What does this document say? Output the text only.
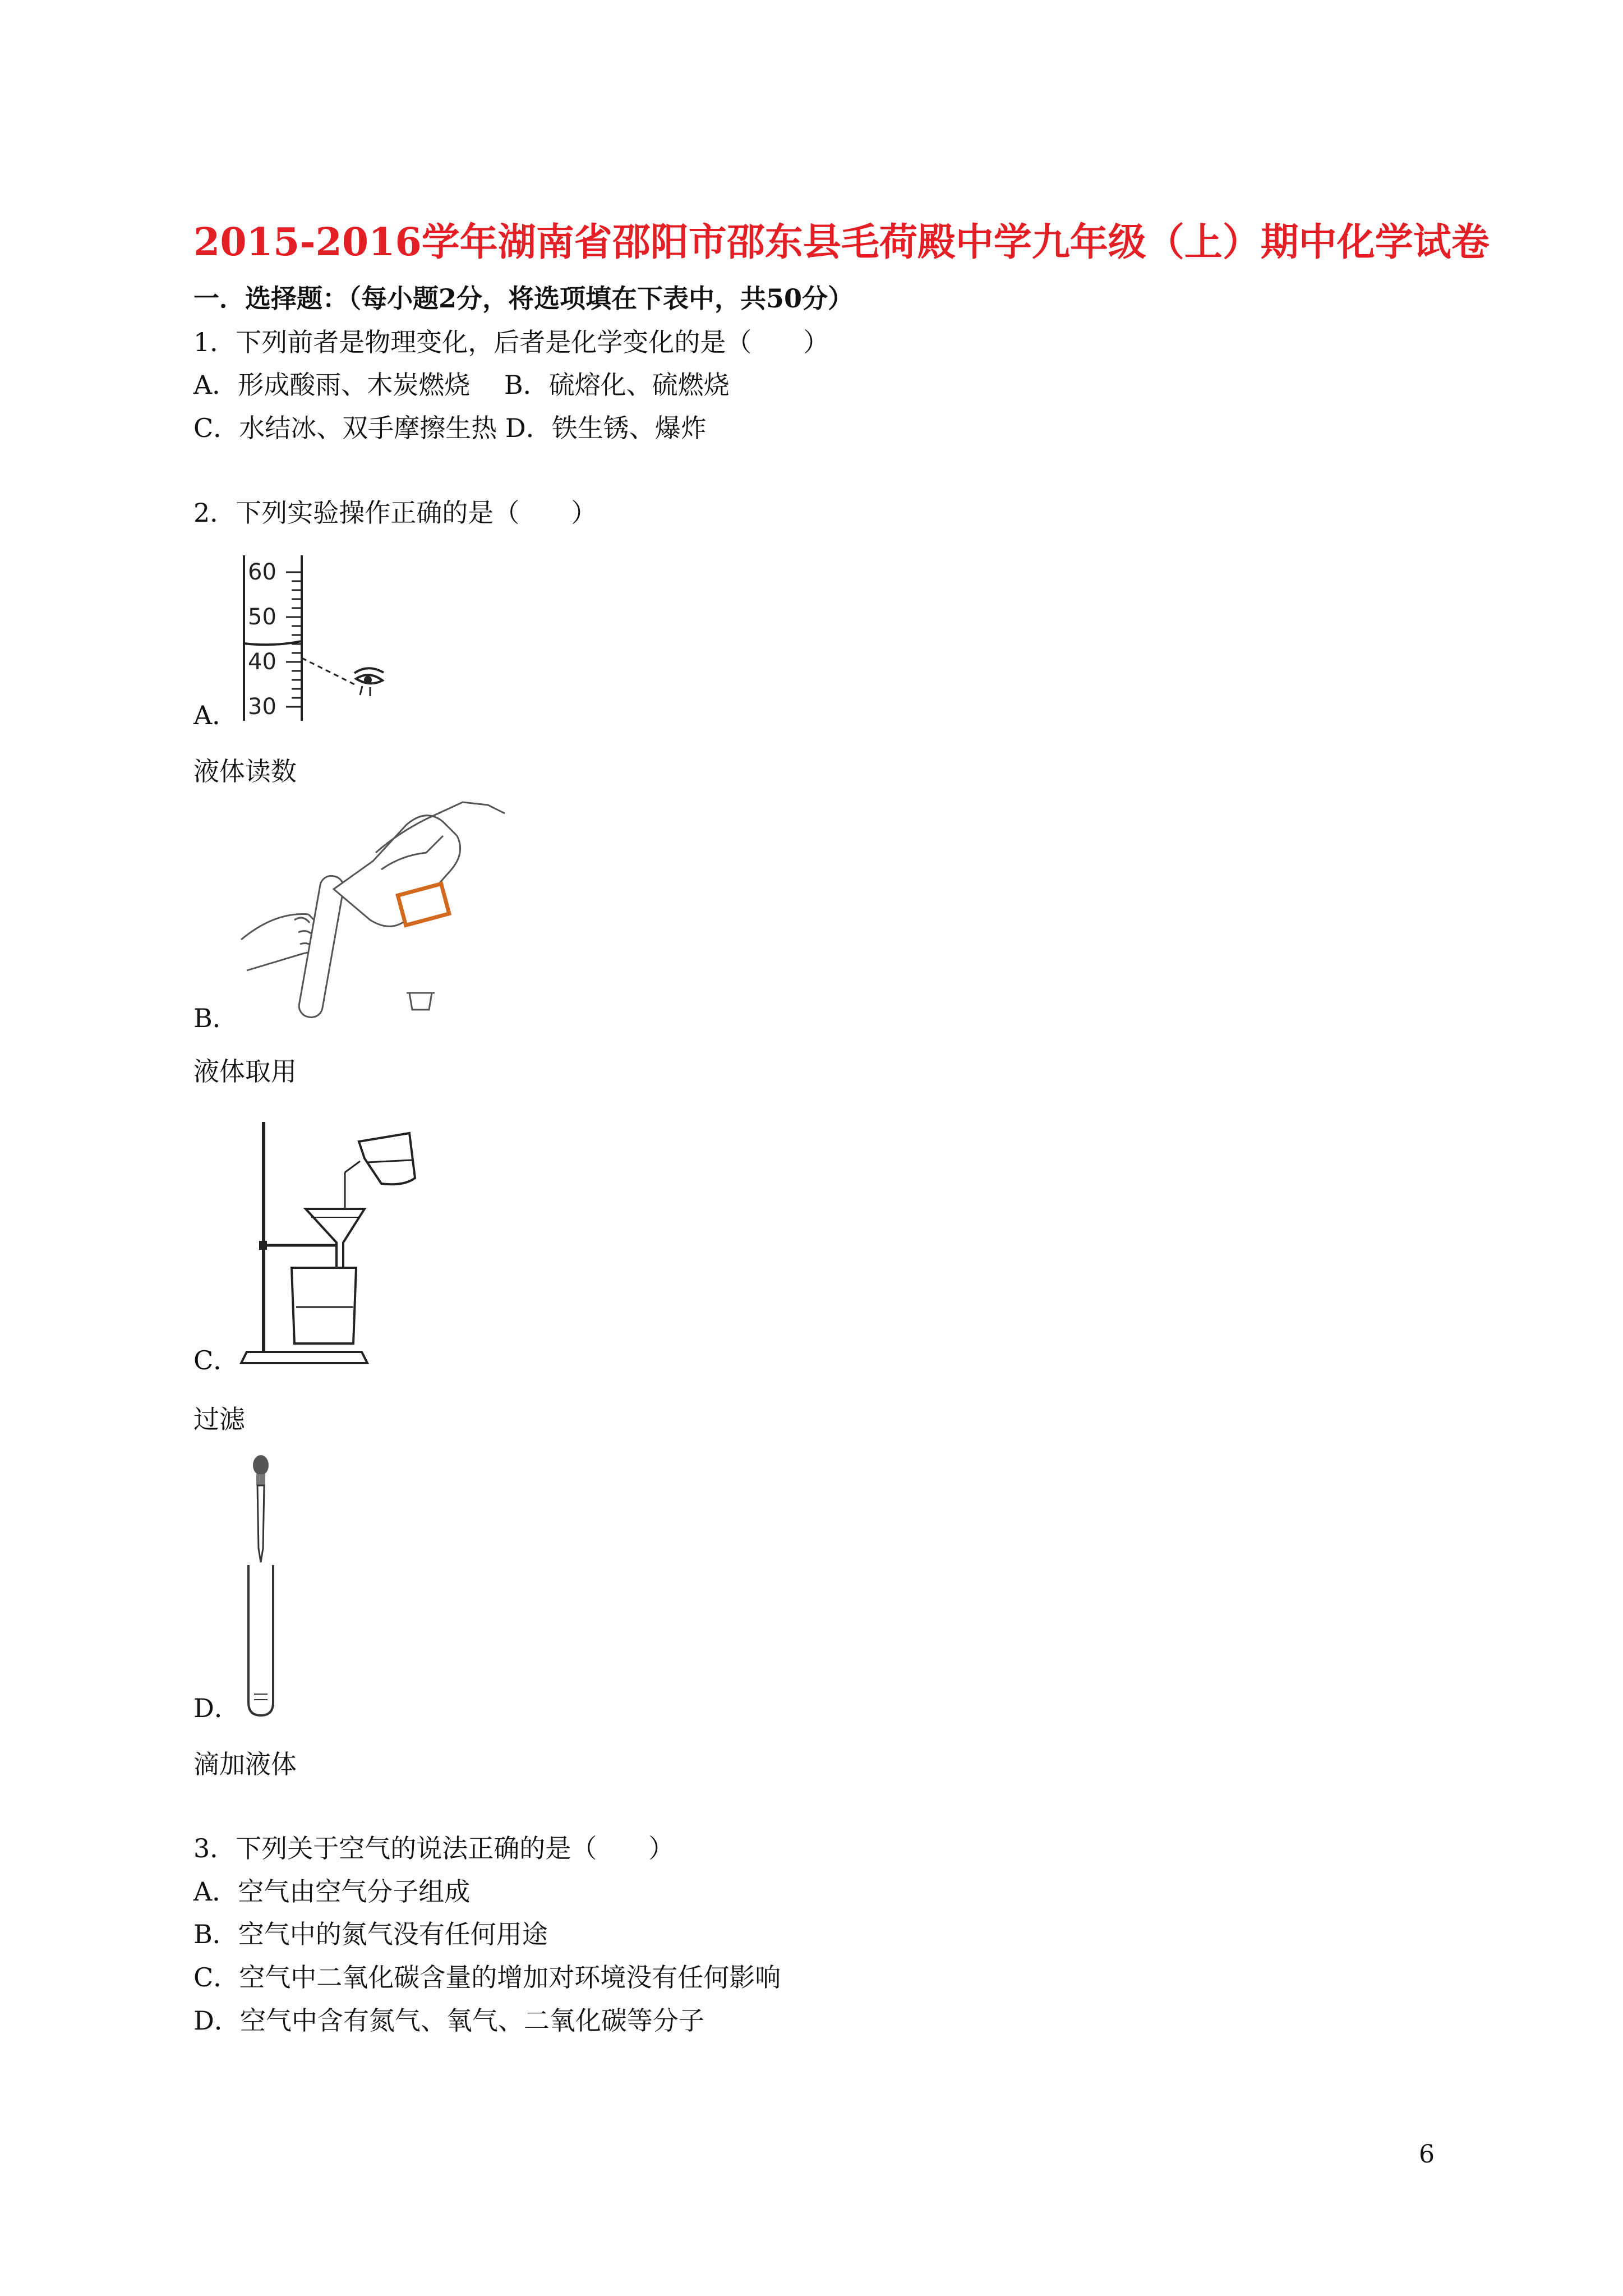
2015-2016学年湖南省邵阳市邵东县毛荷殿中学九年级（上）期中化学试卷
一．选择题：（每小题2分，将选项填在下表中，共50分）
1．下列前者是物理变化，后者是化学变化的是（　　）
A．形成酸雨、木炭燃烧　 B．硫熔化、硫燃烧
C．水结冰、双手摩擦生热 D．铁生锈、爆炸
2．下列实验操作正确的是（　　）
60
50
40
30
A．
液体读数
B．
液体取用
C．
过滤
D．
滴加液体
3．下列关于空气的说法正确的是（　　）
A．空气由空气分子组成
B．空气中的氮气没有任何用途
C．空气中二氧化碳含量的增加对环境没有任何影响
D．空气中含有氮气、氧气、二氧化碳等分子
6
